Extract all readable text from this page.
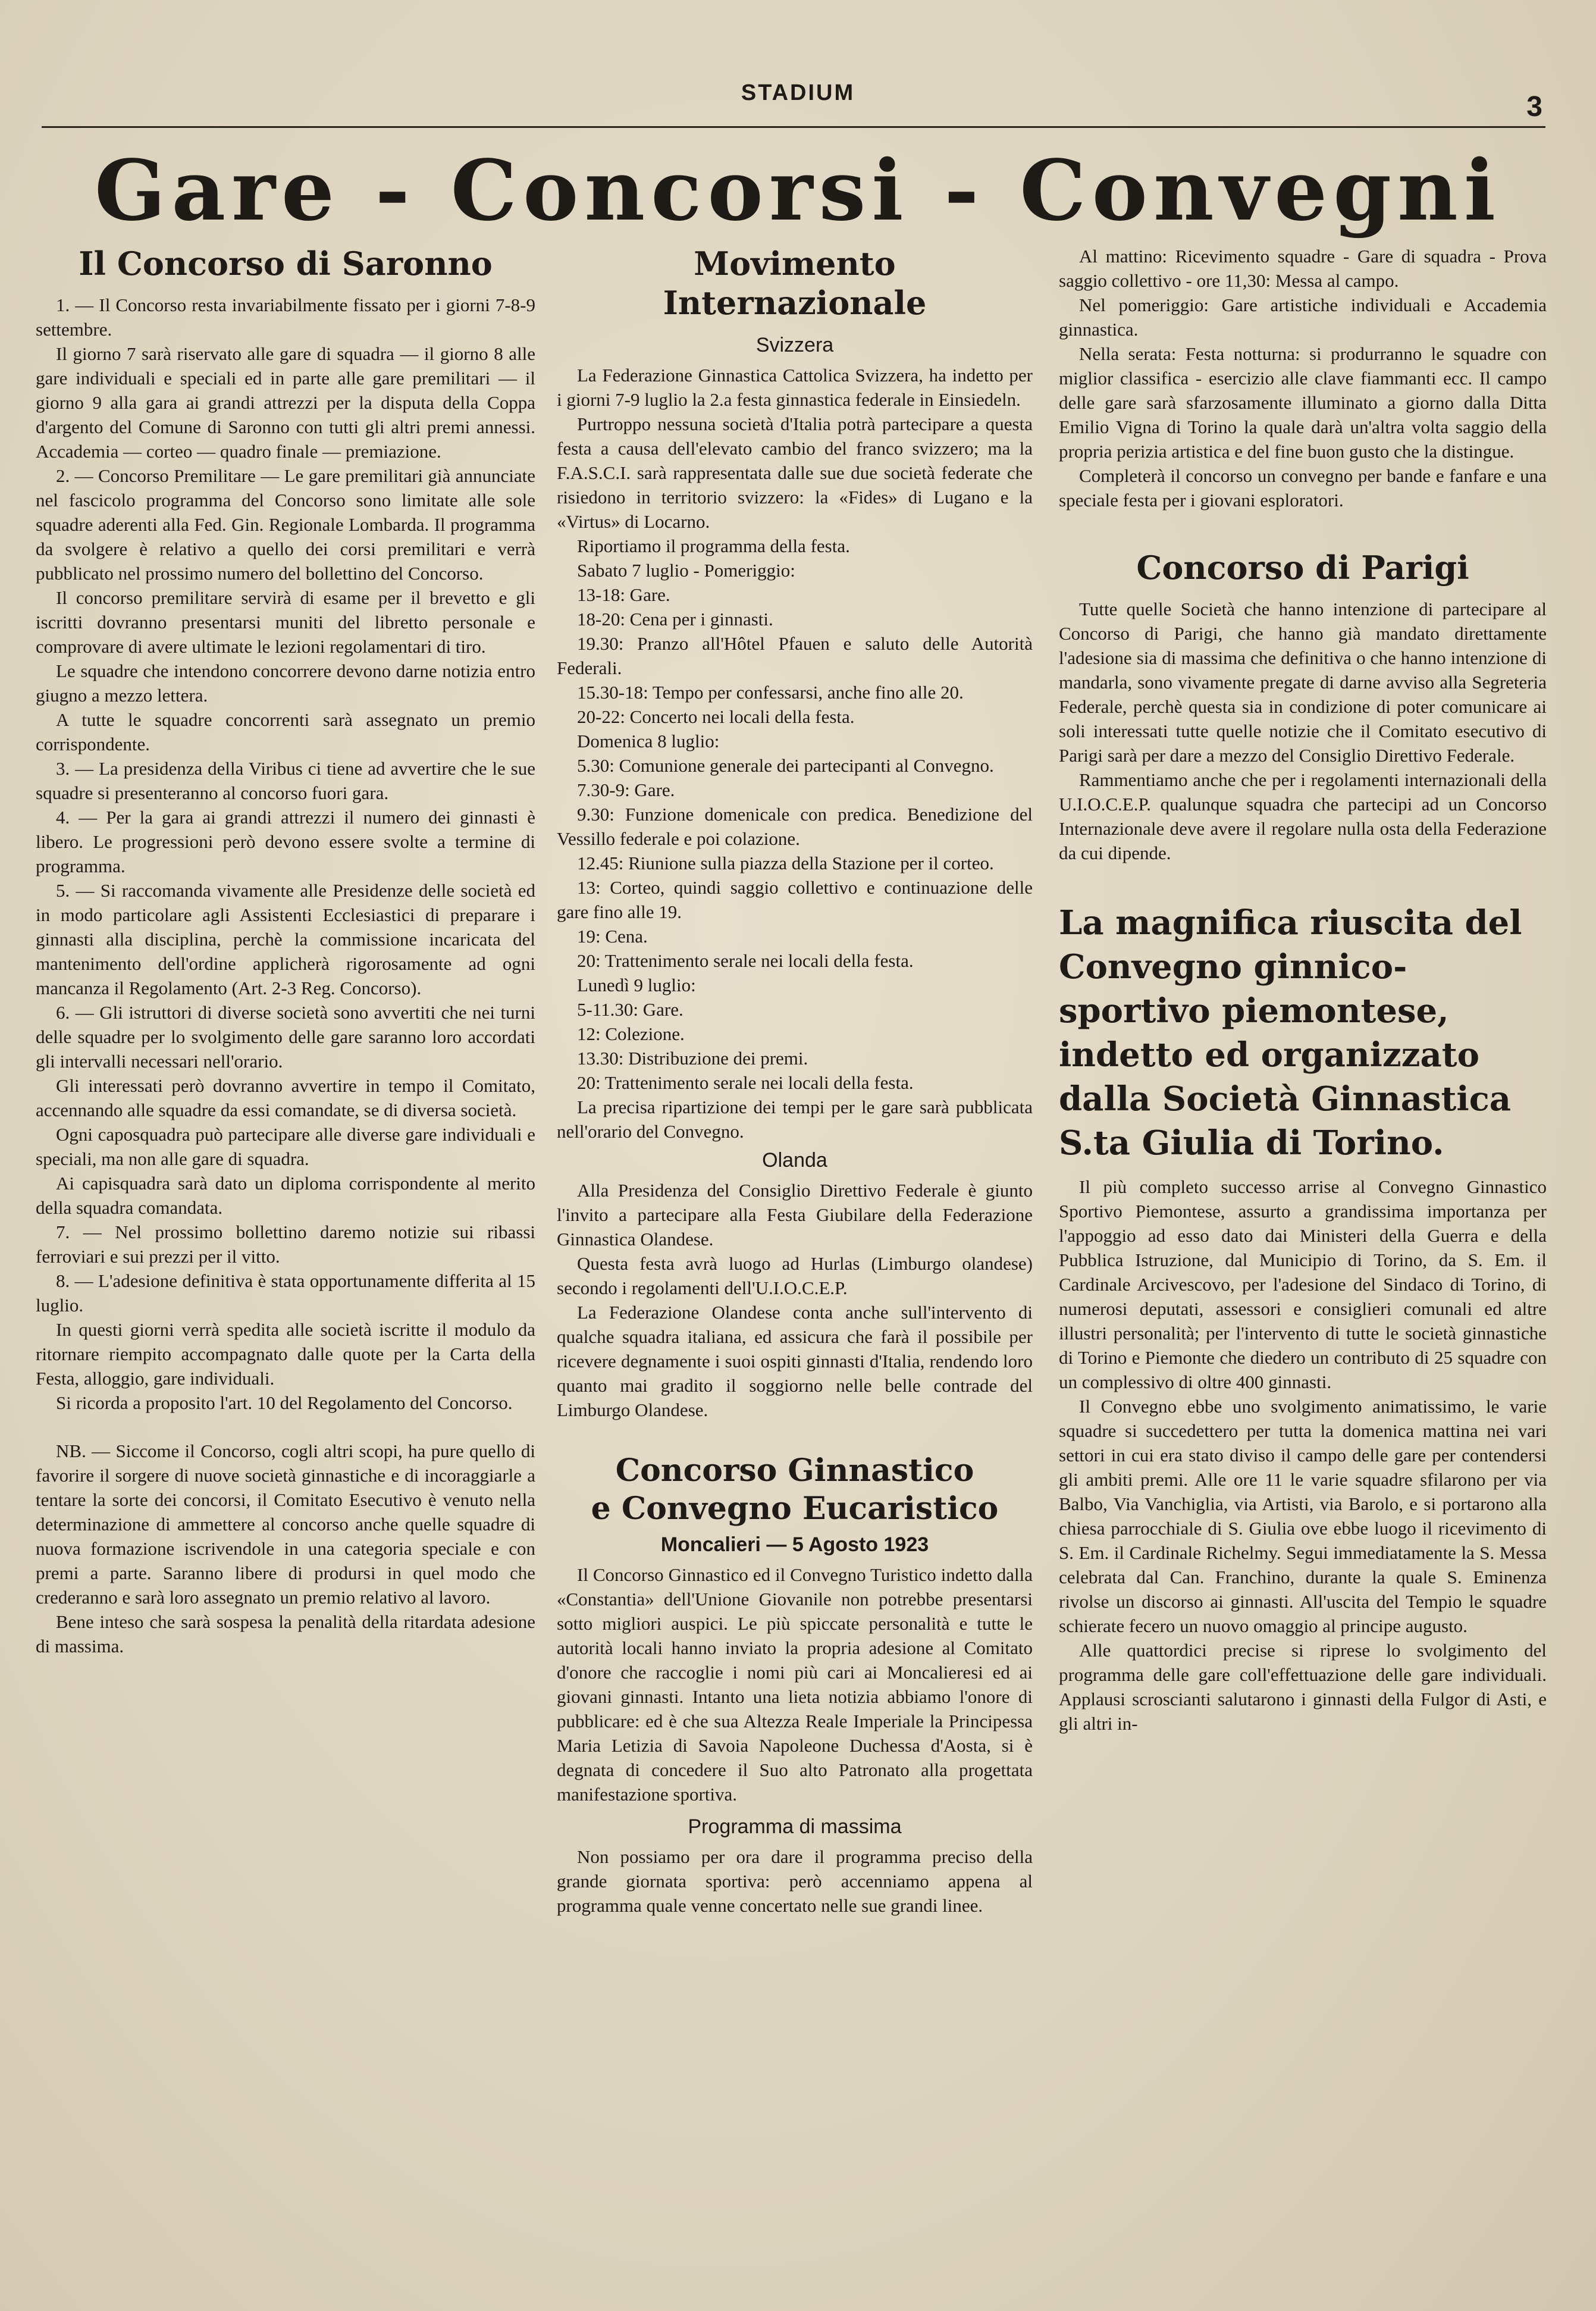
STADIUM	3
Gare - Concorsi - Convegni
Il Concorso di Saronno

1. — Il Concorso resta invariabilmente fissato per i giorni 7-8-9 settembre.

Il giorno 7 sarà riservato alle gare di squadra — il giorno 8 alle gare individuali e speciali ed in parte alle gare premilitari — il giorno 9 alla gara ai grandi attrezzi per la disputa della Coppa d'argento del Comune di Saronno con tutti gli altri premi annessi. Accademia — corteo — quadro finale — premiazione.

2. — Concorso Premilitare — Le gare premilitari già annunciate nel fascicolo programma del Concorso sono limitate alle sole squadre aderenti alla Fed. Gin. Regionale Lombarda. Il programma da svolgere è relativo a quello dei corsi premilitari e verrà pubblicato nel prossimo numero del bollettino del Concorso.

Il concorso premilitare servirà di esame per il brevetto e gli iscritti dovranno presentarsi muniti del libretto personale e comprovare di avere ultimate le lezioni regolamentari di tiro.

Le squadre che intendono concorrere devono darne notizia entro giugno a mezzo lettera.

A tutte le squadre concorrenti sarà assegnato un premio corrispondente.

3. — La presidenza della Viribus ci tiene ad avvertire che le sue squadre si presenteranno al concorso fuori gara.

4. — Per la gara ai grandi attrezzi il numero dei ginnasti è libero. Le progressioni però devono essere svolte a termine di programma.

5. — Si raccomanda vivamente alle Presidenze delle società ed in modo particolare agli Assistenti Ecclesiastici di preparare i ginnasti alla disciplina, perchè la commissione incaricata del mantenimento dell'ordine applicherà rigorosamente ad ogni mancanza il Regolamento (Art. 2-3 Reg. Concorso).

6. — Gli istruttori di diverse società sono avvertiti che nei turni delle squadre per lo svolgimento delle gare saranno loro accordati gli intervalli necessari nell'orario.

Gli interessati però dovranno avvertire in tempo il Comitato, accennando alle squadre da essi comandate, se di diversa società.

Ogni caposquadra può partecipare alle diverse gare individuali e speciali, ma non alle gare di squadra.

Ai capisquadra sarà dato un diploma corrispondente al merito della squadra comandata.

7. — Nel prossimo bollettino daremo notizie sui ribassi ferroviari e sui prezzi per il vitto.

8. — L'adesione definitiva è stata opportunamente differita al 15 luglio.

In questi giorni verrà spedita alle società iscritte il modulo da ritornare riempito accompagnato dalle quote per la Carta della Festa, alloggio, gare individuali.

Si ricorda a proposito l'art. 10 del Regolamento del Concorso.

NB. — Siccome il Concorso, cogli altri scopi, ha pure quello di favorire il sorgere di nuove società ginnastiche e di incoraggiarle a tentare la sorte dei concorsi, il Comitato Esecutivo è venuto nella determinazione di ammettere al concorso anche quelle squadre di nuova formazione iscrivendole in una categoria speciale e con premi a parte. Saranno libere di prodursi in quel modo che crederanno e sarà loro assegnato un premio relativo al lavoro.

Bene inteso che sarà sospesa la penalità della ritardata adesione di massima.

Movimento Internazionale
Svizzera

La Federazione Ginnastica Cattolica Svizzera, ha indetto per i giorni 7-9 luglio la 2.a festa ginnastica federale in Einsiedeln.

Purtroppo nessuna società d'Italia potrà partecipare a questa festa a causa dell'elevato cambio del franco svizzero; ma la F.A.S.C.I. sarà rappresentata dalle sue due società federate che risiedono in territorio svizzero: la «Fides» di Lugano e la «Virtus» di Locarno.

Riportiamo il programma della festa.

Sabato 7 luglio - Pomeriggio:

13-18: Gare.

18-20: Cena per i ginnasti.

19.30: Pranzo all'Hôtel Pfauen e saluto delle Autorità Federali.

15.30-18: Tempo per confessarsi, anche fino alle 20.

20-22: Concerto nei locali della festa.

Domenica 8 luglio:

5.30: Comunione generale dei partecipanti al Convegno.

7.30-9: Gare.

9.30: Funzione domenicale con predica. Benedizione del Vessillo federale e poi colazione.

12.45: Riunione sulla piazza della Stazione per il corteo.

13: Corteo, quindi saggio collettivo e continuazione delle gare fino alle 19.

19: Cena.

20: Trattenimento serale nei locali della festa.

Lunedì 9 luglio:

5-11.30: Gare.

12: Colezione.

13.30: Distribuzione dei premi.

20: Trattenimento serale nei locali della festa.

La precisa ripartizione dei tempi per le gare sarà pubblicata nell'orario del Convegno.

Olanda

Alla Presidenza del Consiglio Direttivo Federale è giunto l'invito a partecipare alla Festa Giubilare della Federazione Ginnastica Olandese.

Questa festa avrà luogo ad Hurlas (Limburgo olandese) secondo i regolamenti dell'U.I.O.C.E.P.

La Federazione Olandese conta anche sull'intervento di qualche squadra italiana, ed assicura che farà il possibile per ricevere degnamente i suoi ospiti ginnasti d'Italia, rendendo loro quanto mai gradito il soggiorno nelle belle contrade del Limburgo Olandese.

Concorso Ginnastico
e Convegno Eucaristico
Moncalieri — 5 Agosto 1923

Il Concorso Ginnastico ed il Convegno Turistico indetto dalla «Constantia» dell'Unione Giovanile non potrebbe presentarsi sotto migliori auspici. Le più spiccate personalità e tutte le autorità locali hanno inviato la propria adesione al Comitato d'onore che raccoglie i nomi più cari ai Moncalieresi ed ai giovani ginnasti. Intanto una lieta notizia abbiamo l'onore di pubblicare: ed è che sua Altezza Reale Imperiale la Principessa Maria Letizia di Savoia Napoleone Duchessa d'Aosta, si è degnata di concedere il Suo alto Patronato alla progettata manifestazione sportiva.

Programma di massima

Non possiamo per ora dare il programma preciso della grande giornata sportiva: però accenniamo appena al programma quale venne concertato nelle sue grandi linee.

Al mattino: Ricevimento squadre - Gare di squadra - Prova saggio collettivo - ore 11,30: Messa al campo.

Nel pomeriggio: Gare artistiche individuali e Accademia ginnastica.

Nella serata: Festa notturna: si produrranno le squadre con miglior classifica - esercizio alle clave fiammanti ecc. Il campo delle gare sarà sfarzosamente illuminato a giorno dalla Ditta Emilio Vigna di Torino la quale darà un'altra volta saggio della propria perizia artistica e del fine buon gusto che la distingue.

Completerà il concorso un convegno per bande e fanfare e una speciale festa per i giovani esploratori.

Concorso di Parigi

Tutte quelle Società che hanno intenzione di partecipare al Concorso di Parigi, che hanno già mandato direttamente l'adesione sia di massima che definitiva o che hanno intenzione di mandarla, sono vivamente pregate di darne avviso alla Segreteria Federale, perchè questa sia in condizione di poter comunicare ai soli interessati tutte quelle notizie che il Comitato esecutivo di Parigi sarà per dare a mezzo del Consiglio Direttivo Federale.

Rammentiamo anche che per i regolamenti internazionali della U.I.O.C.E.P. qualunque squadra che partecipi ad un Concorso Internazionale deve avere il regolare nulla osta della Federazione da cui dipende.

La magnifica riuscita del Convegno ginnico-sportivo piemontese, indetto ed organizzato dalla Società Ginnastica S.ta Giulia di Torino.

Il più completo successo arrise al Convegno Ginnastico Sportivo Piemontese, assurto a grandissima importanza per l'appoggio ad esso dato dai Ministeri della Guerra e della Pubblica Istruzione, dal Municipio di Torino, da S. Em. il Cardinale Arcivescovo, per l'adesione del Sindaco di Torino, di numerosi deputati, assessori e consiglieri comunali ed altre illustri personalità; per l'intervento di tutte le società ginnastiche di Torino e Piemonte che diedero un contributo di 25 squadre con un complessivo di oltre 400 ginnasti.

Il Convegno ebbe uno svolgimento animatissimo, le varie squadre si succedettero per tutta la domenica mattina nei vari settori in cui era stato diviso il campo delle gare per contendersi gli ambiti premi. Alle ore 11 le varie squadre sfilarono per via Balbo, Via Vanchiglia, via Artisti, via Barolo, e si portarono alla chiesa parrocchiale di S. Giulia ove ebbe luogo il ricevimento di S. Em. il Cardinale Richelmy. Segui immediatamente la S. Messa celebrata dal Can. Franchino, durante la quale S. Eminenza rivolse un discorso ai ginnasti. All'uscita del Tempio le squadre schierate fecero un nuovo omaggio al principe augusto.

Alle quattordici precise si riprese lo svolgimento del programma delle gare coll'effettuazione delle gare individuali. Applausi scroscianti salutarono i ginnasti della Fulgor di Asti, e gli altri in-
